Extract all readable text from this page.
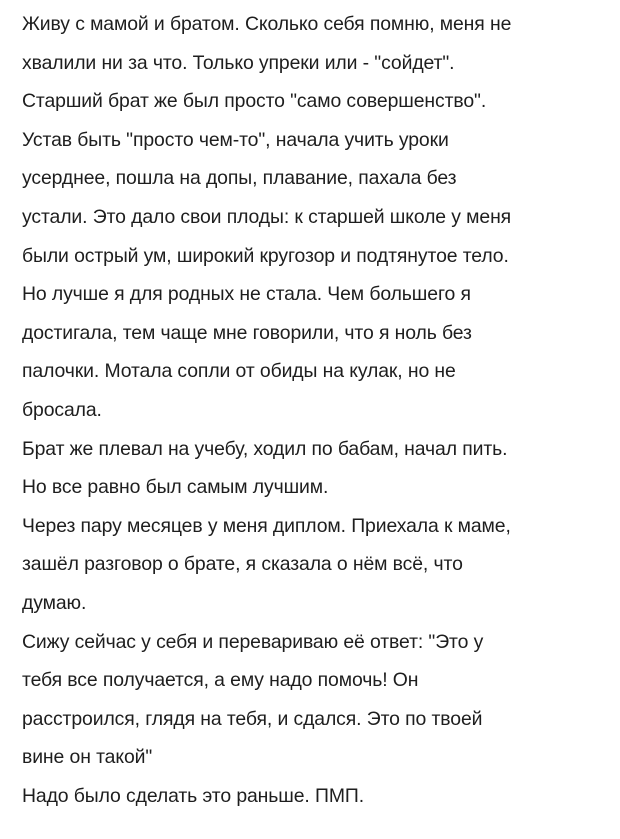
Живу с мамой и братом. Сколько себя помню, меня не
хвалили ни за что. Только упреки или - "сойдет".
Старший брат же был просто "само совершенство".
Устав быть "просто чем-то", начала учить уроки
усерднее, пошла на допы, плавание, пахала без
устали. Это дало свои плоды: к старшей школе у меня
были острый ум, широкий кругозор и подтянутое тело.
Но лучше я для родных не стала. Чем большего я
достигала, тем чаще мне говорили, что я ноль без
палочки. Мотала сопли от обиды на кулак, но не
бросала.
Брат же плевал на учебу, ходил по бабам, начал пить.
Но все равно был самым лучшим.
Через пару месяцев у меня диплом. Приехала к маме,
зашёл разговор о брате, я сказала о нём всё, что
думаю.
Сижу сейчас у себя и перевариваю её ответ: "Это у
тебя все получается, а ему надо помочь! Он
расстроился, глядя на тебя, и сдался. Это по твоей
вине он такой"
Надо было сделать это раньше. ПМП.
